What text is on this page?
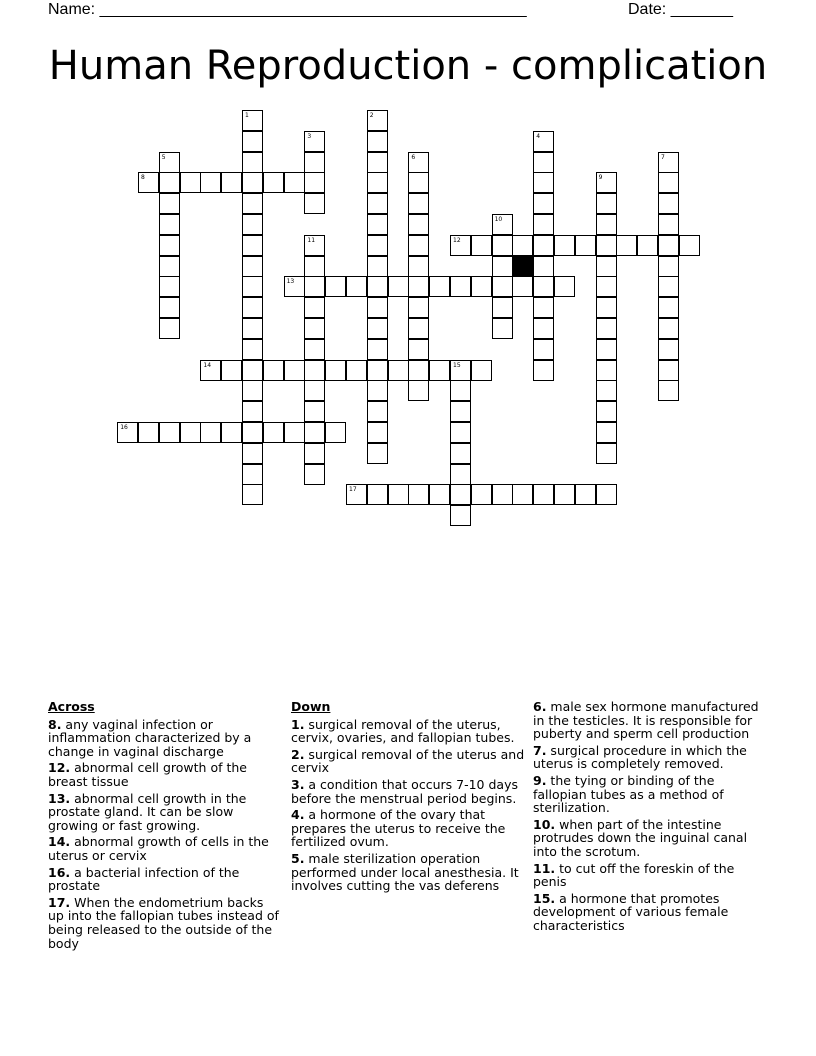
Name: ________________________________________________	Date: _______
Human Reproduction - complication
8
12
13
14	15
16
17
1	2
3	4
5	6	7
9
10
11
Across
8. any vaginal infection or inflammation characterized by a change in vaginal discharge
12. abnormal cell growth of the breast tissue
13. abnormal cell growth in the prostate gland. It can be slow growing or fast growing.
14. abnormal growth of cells in the uterus or cervix
16. a bacterial infection of the prostate
17. When the endometrium backs up into the fallopian tubes instead of being released to the outside of the body
Down
1. surgical removal of the uterus, cervix, ovaries, and fallopian tubes.
2. surgical removal of the uterus and cervix
3. a condition that occurs 7-10 days before the menstrual period begins.
4. a hormone of the ovary that prepares the uterus to receive the fertilized ovum.
5. male sterilization operation performed under local anesthesia. It involves cutting the vas deferens
6. male sex hormone manufactured in the testicles. It is responsible for puberty and sperm cell production
7. surgical procedure in which the uterus is completely removed.
9. the tying or binding of the fallopian tubes as a method of sterilization.
10. when part of the intestine protrudes down the inguinal canal into the scrotum.
11. to cut off the foreskin of the penis
15. a hormone that promotes development of various female characteristics
